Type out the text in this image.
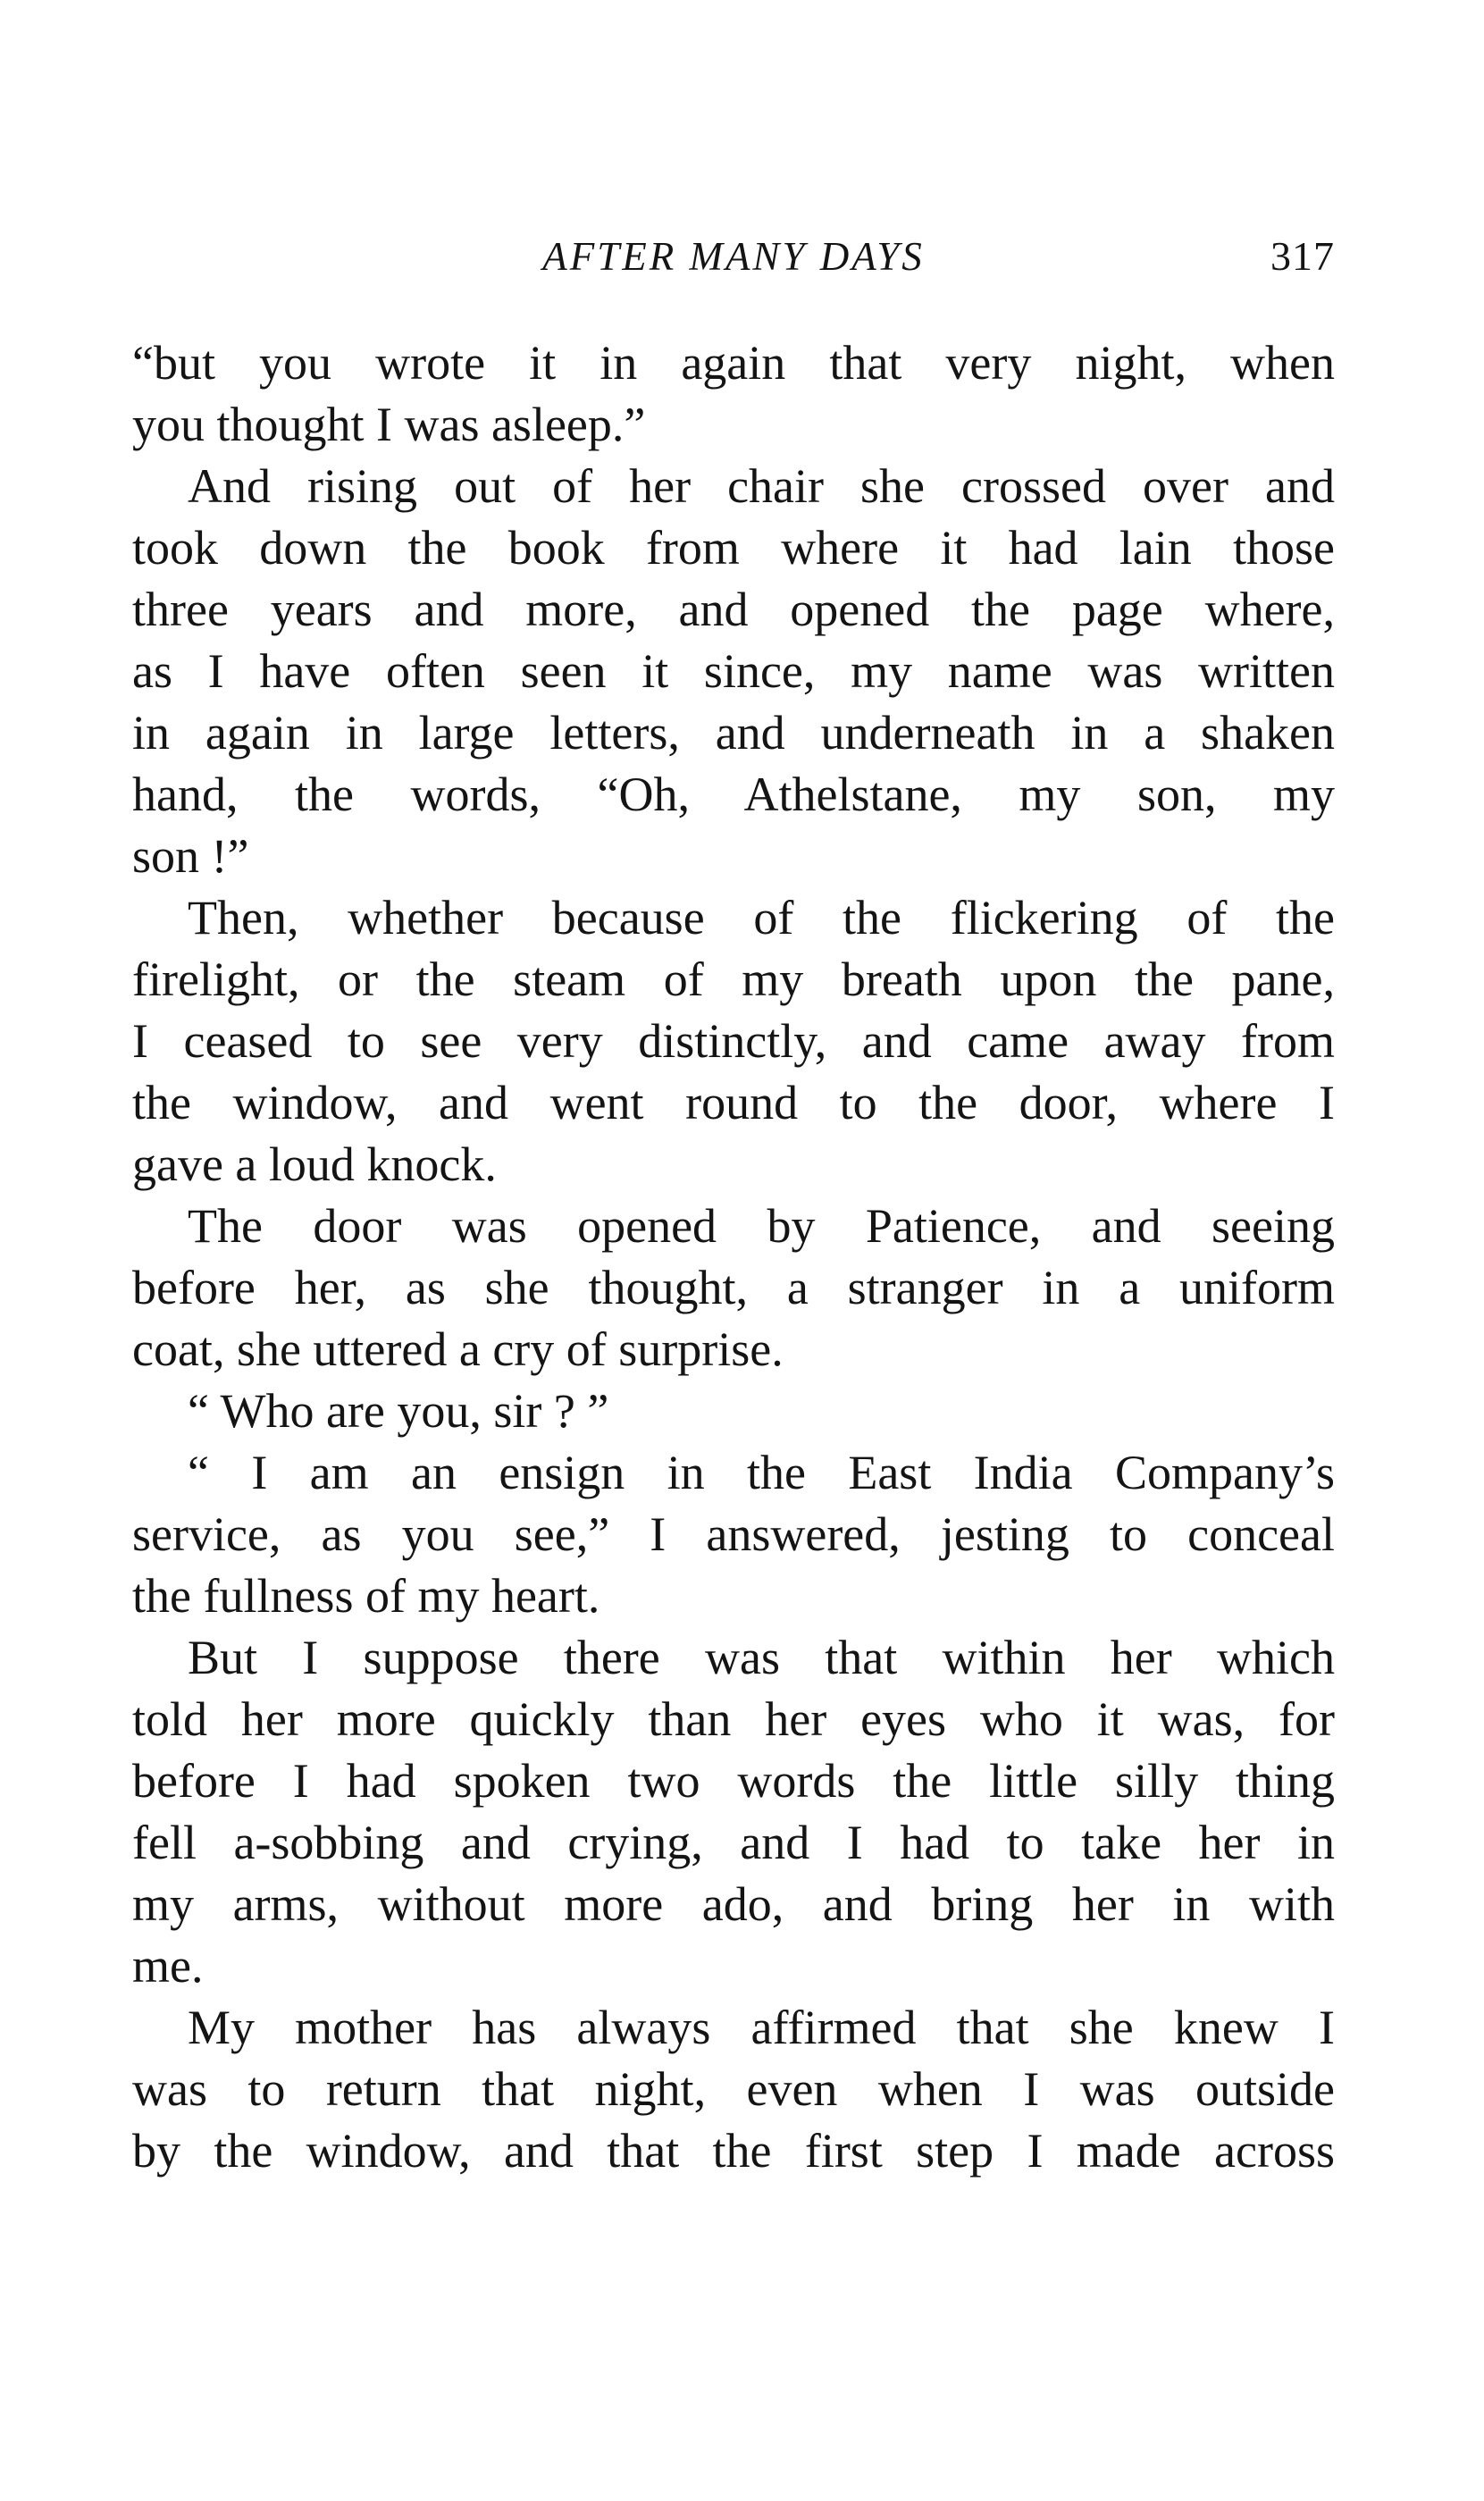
AFTER MANY DAYS	317
“but you wrote it in again that very night, when
you thought I was asleep.”
And rising out of her chair she crossed over and
took down the book from where it had lain those
three years and more, and opened the page where,
as I have often seen it since, my name was written
in again in large letters, and underneath in a shaken
hand, the words, “Oh, Athelstane, my son, my
son !”
Then, whether because of the flickering of the
firelight, or the steam of my breath upon the pane,
I ceased to see very distinctly, and came away from
the window, and went round to the door, where I
gave a loud knock.
The door was opened by Patience, and seeing
before her, as she thought, a stranger in a uniform
coat, she uttered a cry of surprise.
“ Who are you, sir ? ”
“ I am an ensign in the East India Company’s
service, as you see,” I answered, jesting to conceal
the fullness of my heart.
But I suppose there was that within her which
told her more quickly than her eyes who it was, for
before I had spoken two words the little silly thing
fell a-sobbing and crying, and I had to take her in
my arms, without more ado, and bring her in with
me.
My mother has always affirmed that she knew I
was to return that night, even when I was outside
by the window, and that the first step I made across
